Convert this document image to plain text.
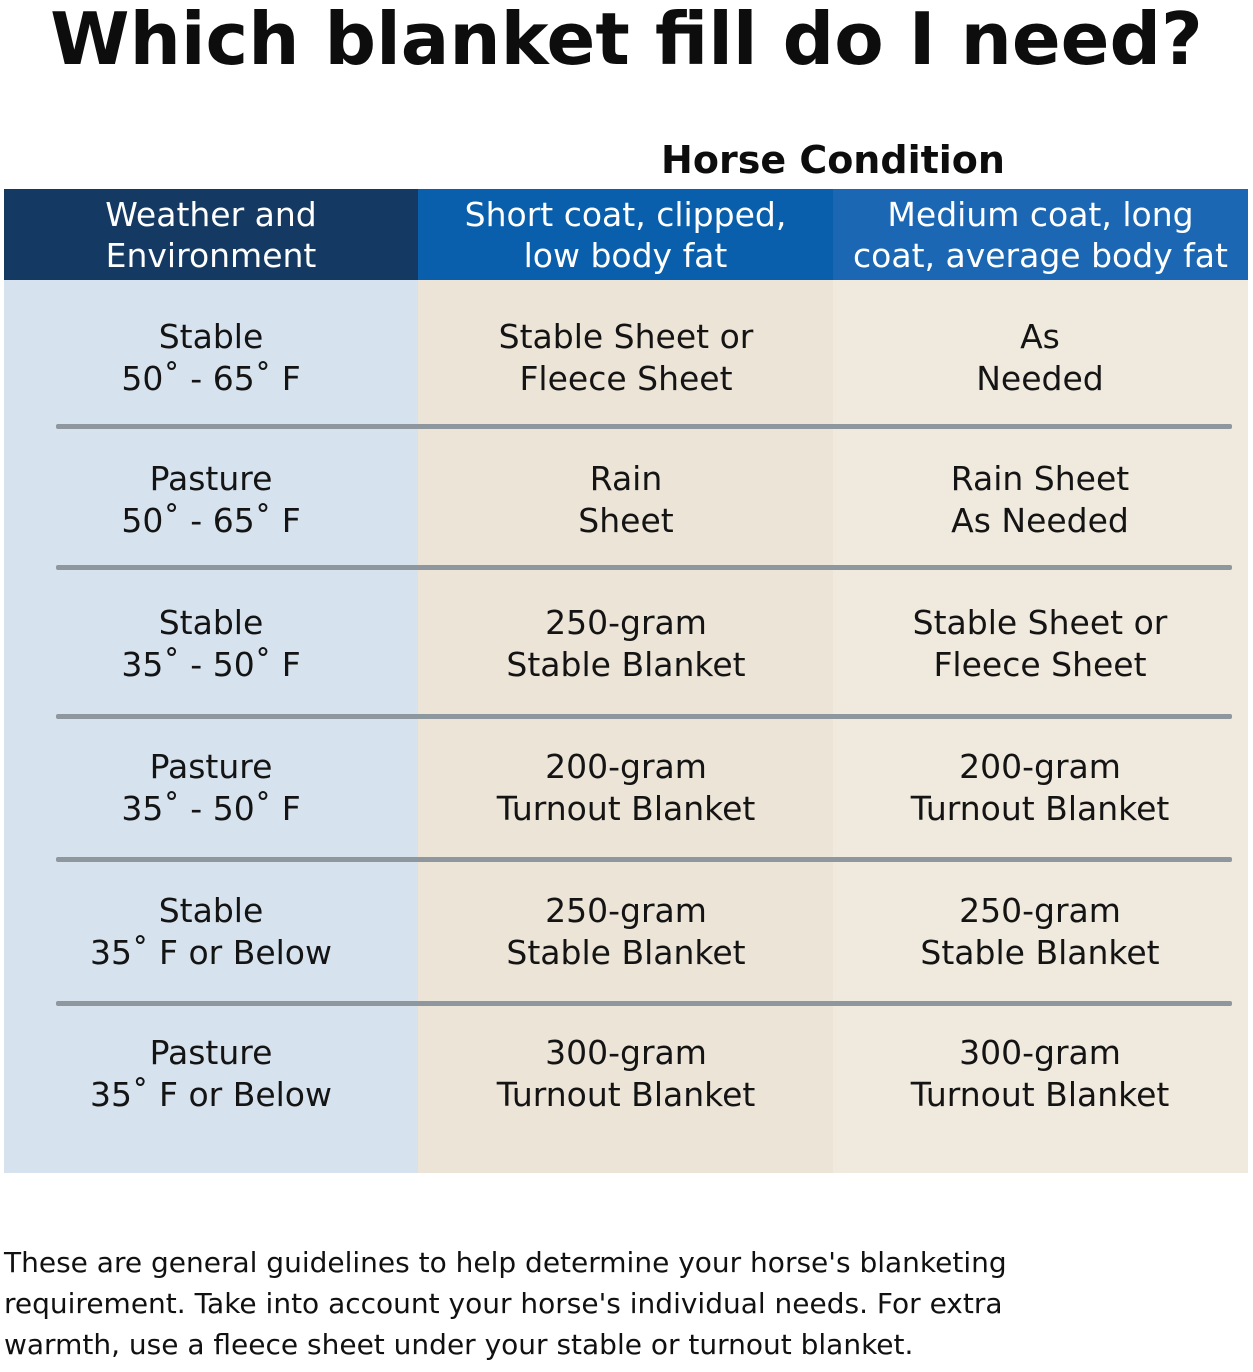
Which blanket fill do I need?
Horse Condition
Weather and
Environment
Short coat, clipped,
low body fat
Medium coat, long
coat, average body fat
Stable
50˚ - 65˚ F
Stable Sheet or
Fleece Sheet
As
Needed
Pasture
50˚ - 65˚ F
Rain
Sheet
Rain Sheet
As Needed
Stable
35˚ - 50˚ F
250-gram
Stable Blanket
Stable Sheet or
Fleece Sheet
Pasture
35˚ - 50˚ F
200-gram
Turnout Blanket
200-gram
Turnout Blanket
Stable
35˚ F or Below
250-gram
Stable Blanket
250-gram
Stable Blanket
Pasture
35˚ F or Below
300-gram
Turnout Blanket
300-gram
Turnout Blanket
These are general guidelines to help determine your horse's blanketing requirement. Take into account your horse's individual needs. For extra warmth, use a fleece sheet under your stable or turnout blanket.
